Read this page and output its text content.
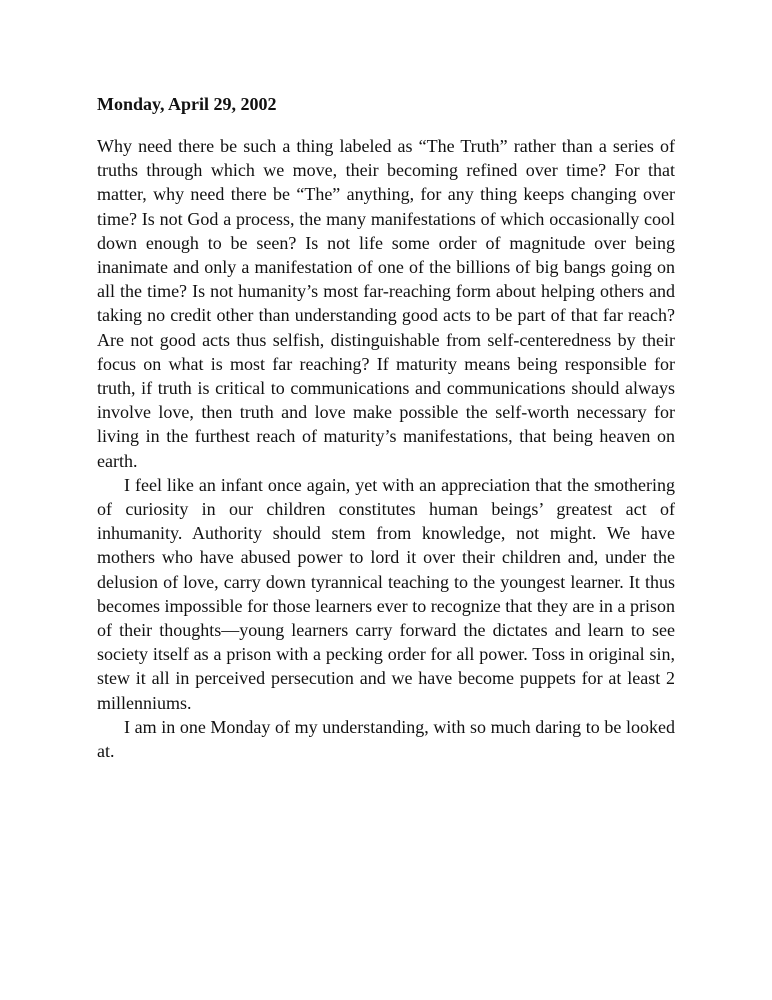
Monday, April 29, 2002

Why need there be such a thing labeled as “The Truth” rather than a series of truths through which we move, their becoming refined over time? For that matter, why need there be “The” anything, for any thing keeps changing over time? Is not God a process, the many manifestations of which occasionally cool down enough to be seen? Is not life some order of magnitude over being inanimate and only a manifestation of one of the billions of big bangs going on all the time? Is not humanity’s most far-reaching form about helping others and taking no credit other than understanding good acts to be part of that far reach? Are not good acts thus selfish, distinguishable from self-centeredness by their focus on what is most far reaching? If maturity means being responsible for truth, if truth is critical to communications and communications should always involve love, then truth and love make possible the self-worth necessary for living in the furthest reach of maturity’s manifestations, that being heaven on earth.

I feel like an infant once again, yet with an appreciation that the smothering of curiosity in our children constitutes human beings’ greatest act of inhumanity. Authority should stem from knowledge, not might. We have mothers who have abused power to lord it over their children and, under the delusion of love, carry down tyrannical teaching to the youngest learner. It thus becomes impossible for those learners ever to recognize that they are in a prison of their thoughts—young learners carry forward the dictates and learn to see society itself as a prison with a pecking order for all power. Toss in original sin, stew it all in perceived persecution and we have become puppets for at least 2 millenniums.

I am in one Monday of my understanding, with so much daring to be looked at.
